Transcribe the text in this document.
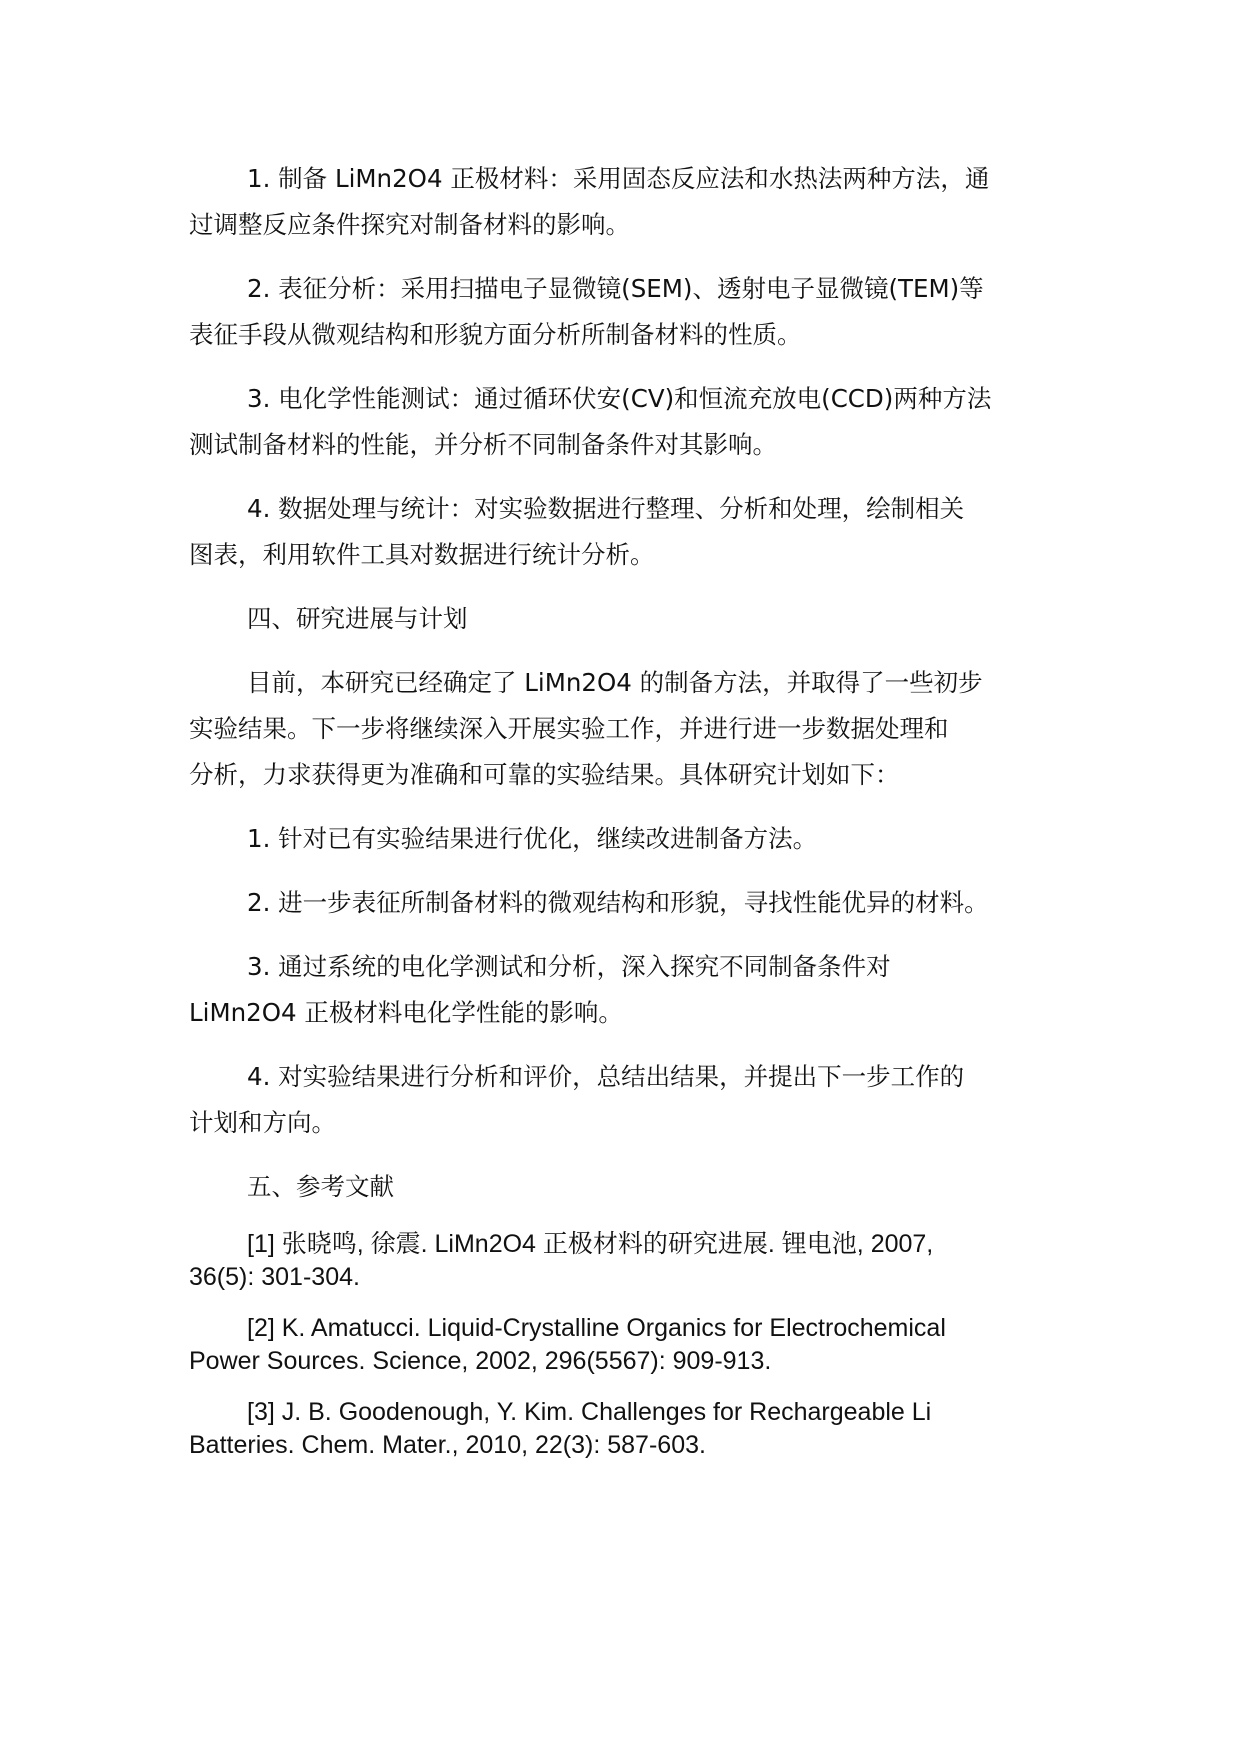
1. 制备 LiMn2O4 正极材料：采用固态反应法和水热法两种方法，通
过调整反应条件探究对制备材料的影响。
2. 表征分析：采用扫描电子显微镜(SEM)、透射电子显微镜(TEM)等
表征手段从微观结构和形貌方面分析所制备材料的性质。
3. 电化学性能测试：通过循环伏安(CV)和恒流充放电(CCD)两种方法
测试制备材料的性能，并分析不同制备条件对其影响。
4. 数据处理与统计：对实验数据进行整理、分析和处理，绘制相关
图表，利用软件工具对数据进行统计分析。
四、研究进展与计划
目前，本研究已经确定了 LiMn2O4 的制备方法，并取得了一些初步
实验结果。下一步将继续深入开展实验工作，并进行进一步数据处理和
分析，力求获得更为准确和可靠的实验结果。具体研究计划如下：
1. 针对已有实验结果进行优化，继续改进制备方法。
2. 进一步表征所制备材料的微观结构和形貌，寻找性能优异的材料。
3. 通过系统的电化学测试和分析，深入探究不同制备条件对
LiMn2O4 正极材料电化学性能的影响。
4. 对实验结果进行分析和评价，总结出结果，并提出下一步工作的
计划和方向。
五、参考文献
[1] 张晓鸣, 徐震. LiMn2O4 正极材料的研究进展. 锂电池, 2007,
36(5): 301-304.
[2] K. Amatucci. Liquid-Crystalline Organics for Electrochemical
Power Sources. Science, 2002, 296(5567): 909-913.
[3] J. B. Goodenough, Y. Kim. Challenges for Rechargeable Li
Batteries. Chem. Mater., 2010, 22(3): 587-603.
